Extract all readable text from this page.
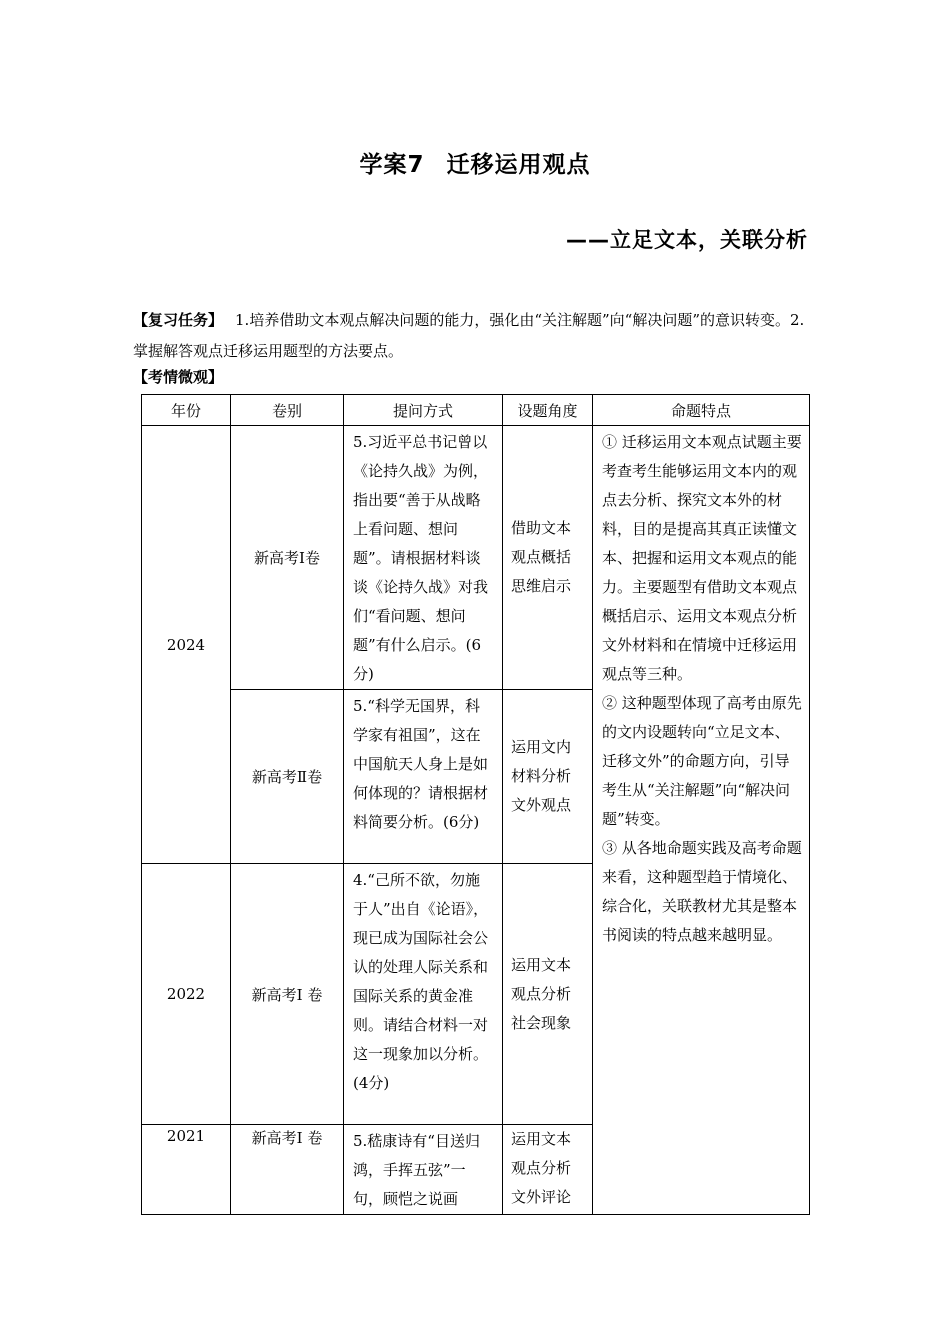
学案7 迁移运用观点
——立足文本，关联分析
【复习任务】 1.培养借助文本观点解决问题的能力，强化由“关注解题”向“解决问题”的意识转变。2.掌握解答观点迁移运用题型的方法要点。
【考情微观】
年份	卷别	提问方式	设题角度	命题特点
2024	新高考Ⅰ卷	5.习近平总书记曾以《论持久战》为例，指出要“善于从战略上看问题、想问题”。请根据材料谈谈《论持久战》对我们“看问题、想问题”有什么启示。(6分)	借助文本观点概括思维启示	① 迁移运用文本观点试题主要考查考生能够运用文本内的观点去分析、探究文本外的材料，目的是提高其真正读懂文本、把握和运用文本观点的能力。主要题型有借助文本观点概括启示、运用文本观点分析文外材料和在情境中迁移运用观点等三种。
② 这种题型体现了高考由原先的文内设题转向“立足文本、迁移文外”的命题方向，引导考生从“关注解题”向“解决问题”转变。
③ 从各地命题实践及高考命题来看，这种题型趋于情境化、综合化，关联教材尤其是整本书阅读的特点越来越明显。

	新高考Ⅱ卷	5.“科学无国界，科学家有祖国”，这在中国航天人身上是如何体现的？请根据材料简要分析。(6分)	运用文内材料分析文外观点	
2022	新高考Ⅰ 卷	4.“己所不欲，勿施于人”出自《论语》，现已成为国际社会公认的处理人际关系和国际关系的黄金准则。请结合材料一对这一现象加以分析。(4分)	运用文本观点分析社会现象	
2021	新高考Ⅰ 卷	5.嵇康诗有“目送归鸿，手挥五弦”一句，顾恺之说画	运用文本观点分析文外评论	
